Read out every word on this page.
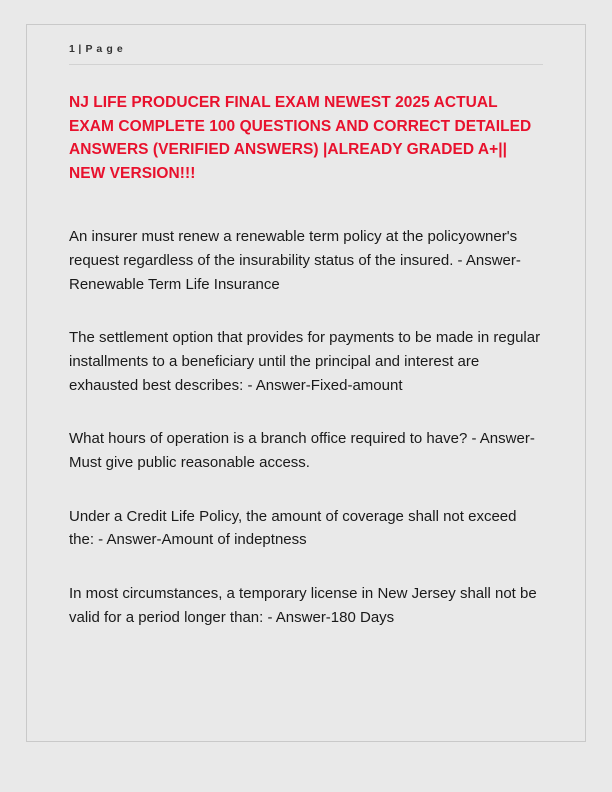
1 | P a g e
NJ LIFE PRODUCER FINAL EXAM NEWEST 2025 ACTUAL EXAM COMPLETE 100 QUESTIONS AND CORRECT DETAILED ANSWERS (VERIFIED ANSWERS) |ALREADY GRADED A+|| NEW VERSION!!!

An insurer must renew a renewable term policy at the policyowner's request regardless of the insurability status of the insured. - Answer-Renewable Term Life Insurance

The settlement option that provides for payments to be made in regular installments to a beneficiary until the principal and interest are exhausted best describes: - Answer-Fixed-amount

What hours of operation is a branch office required to have? - Answer-Must give public reasonable access.

Under a Credit Life Policy, the amount of coverage shall not exceed the: - Answer-Amount of indeptness

In most circumstances, a temporary license in New Jersey shall not be valid for a period longer than: - Answer-180 Days
